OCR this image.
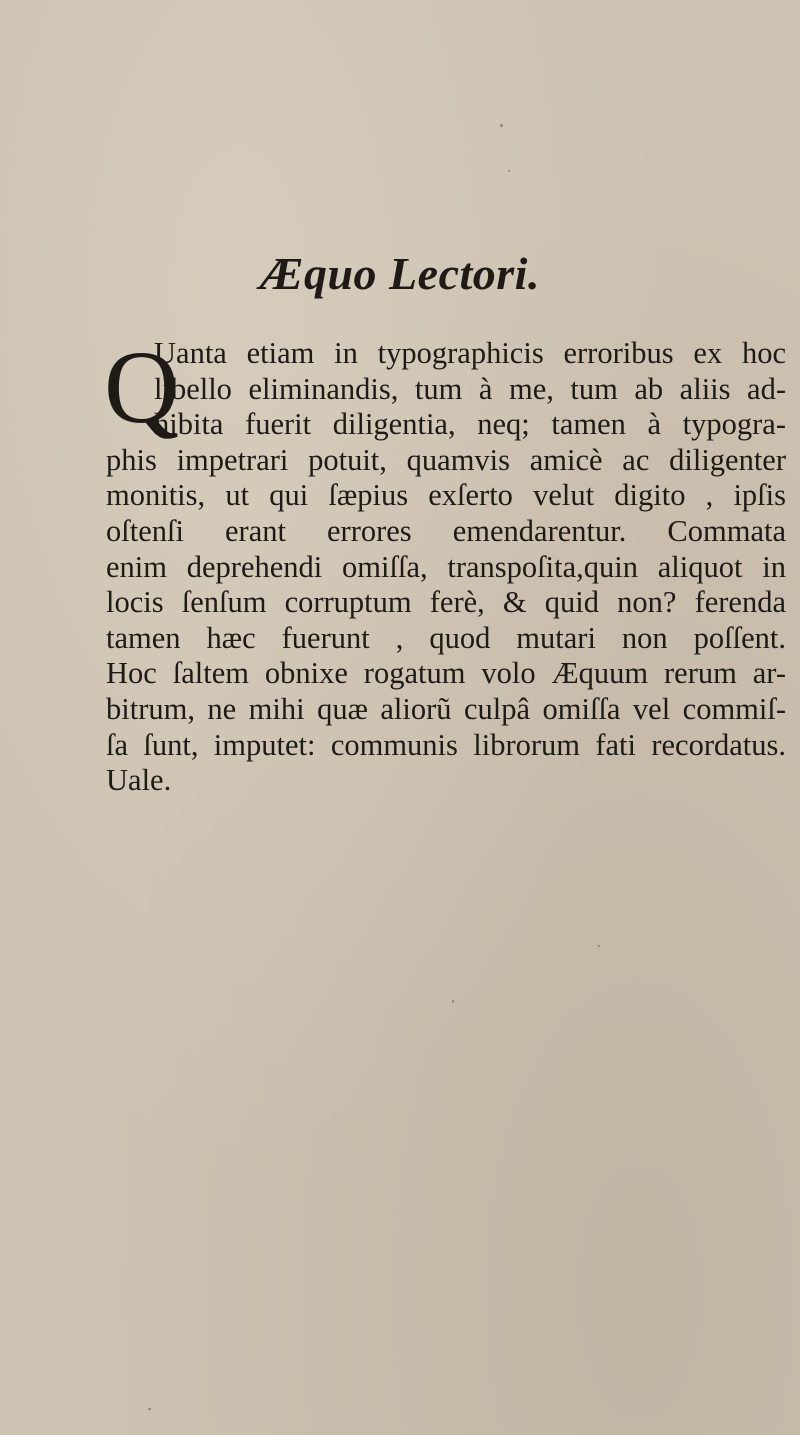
Æquo Lectori.
Q
Uanta etiam in typographicis erroribus ex hoc
libello eliminandis, tum à me, tum ab aliis ad-
hibita fuerit diligentia, neq; tamen à typogra-
phis impetrari potuit, quamvis amicè ac diligenter
monitis, ut qui ſæpius exſerto velut digito , ipſis
oſtenſi erant errores emendarentur. Commata
enim deprehendi omiſſa, transpoſita,quin aliquot in
locis ſenſum corruptum ferè, & quid non? ferenda
tamen hæc fuerunt , quod mutari non poſſent.
Hoc ſaltem obnixe rogatum volo Æquum rerum ar-
bitrum, ne mihi quæ aliorũ culpâ omiſſa vel commiſ-
ſa ſunt, imputet: communis librorum fati recordatus.
Uale.
